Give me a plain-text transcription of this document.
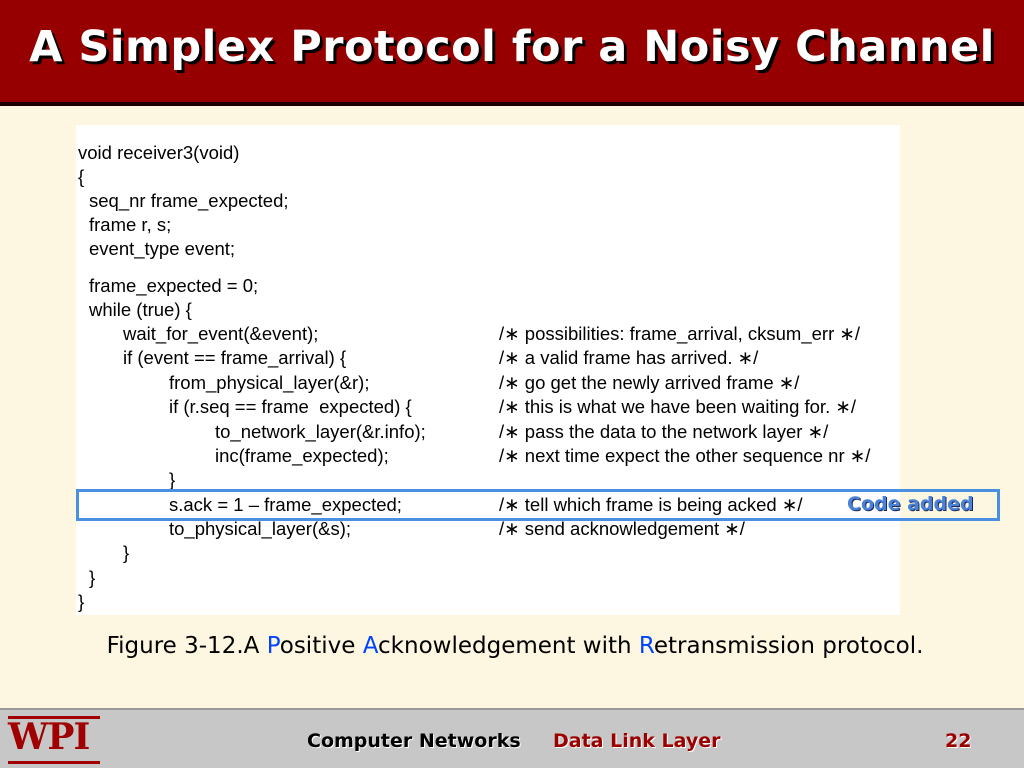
A Simplex Protocol for a Noisy Channel
void receiver3(void)
{
seq_nr frame_expected;
frame r, s;
event_type event;
frame_expected = 0;
while (true) {
wait_for_event(&event);
if (event == frame_arrival) {
from_physical_layer(&r);
if (r.seq == frame  expected) {
to_network_layer(&r.info);
inc(frame_expected);
}
s.ack = 1 – frame_expected;
to_physical_layer(&s);
}
}
}
/∗ possibilities: frame_arrival, cksum_err ∗/
/∗ a valid frame has arrived. ∗/
/∗ go get the newly arrived frame ∗/
/∗ this is what we have been waiting for. ∗/
/∗ pass the data to the network layer ∗/
/∗ next time expect the other sequence nr ∗/
/∗ tell which frame is being acked ∗/
/∗ send acknowledgement ∗/
Code added
Figure 3-12.A Positive Acknowledgement with Retransmission protocol.
WPI	Computer Networks Data Link Layer	22
